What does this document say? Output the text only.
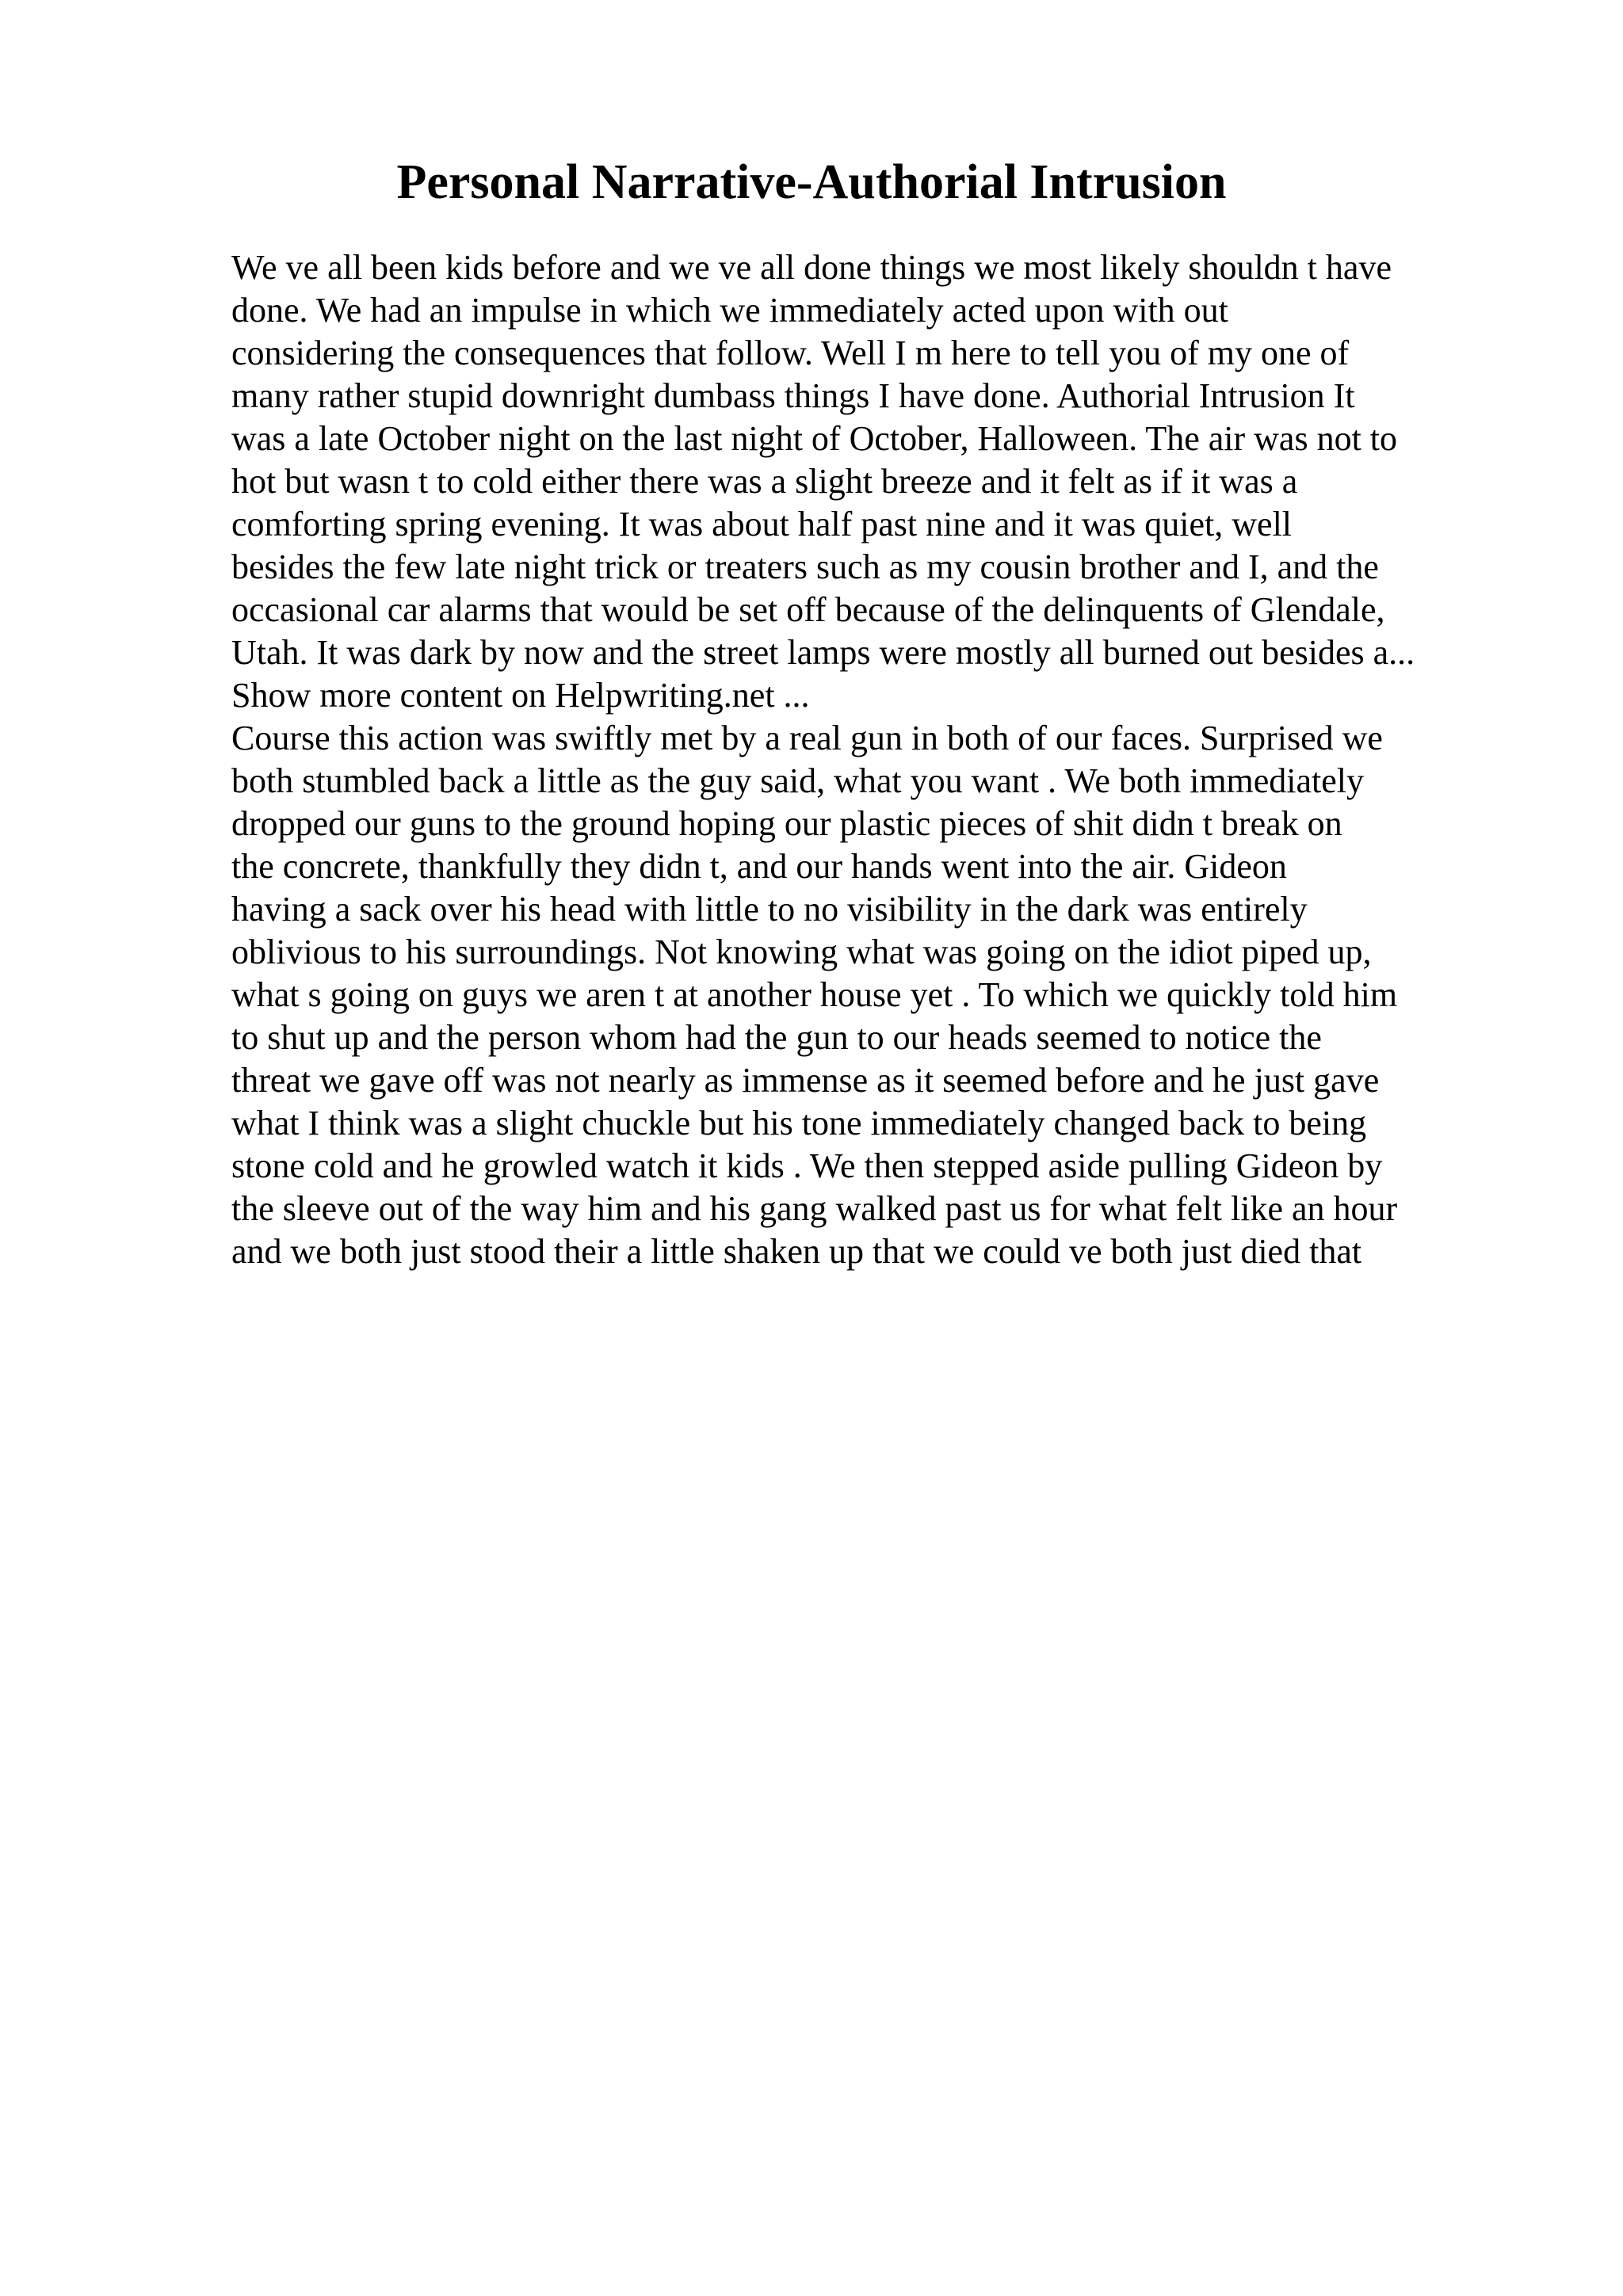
Personal Narrative-Authorial Intrusion
We ve all been kids before and we ve all done things we most likely shouldn t have
done. We had an impulse in which we immediately acted upon with out
considering the consequences that follow. Well I m here to tell you of my one of
many rather stupid downright dumbass things I have done. Authorial Intrusion It
was a late October night on the last night of October, Halloween. The air was not to
hot but wasn t to cold either there was a slight breeze and it felt as if it was a
comforting spring evening. It was about half past nine and it was quiet, well
besides the few late night trick or treaters such as my cousin brother and I, and the
occasional car alarms that would be set off because of the delinquents of Glendale,
Utah. It was dark by now and the street lamps were mostly all burned out besides a...
Show more content on Helpwriting.net ...
Course this action was swiftly met by a real gun in both of our faces. Surprised we
both stumbled back a little as the guy said, what you want . We both immediately
dropped our guns to the ground hoping our plastic pieces of shit didn t break on
the concrete, thankfully they didn t, and our hands went into the air. Gideon
having a sack over his head with little to no visibility in the dark was entirely
oblivious to his surroundings. Not knowing what was going on the idiot piped up,
what s going on guys we aren t at another house yet . To which we quickly told him
to shut up and the person whom had the gun to our heads seemed to notice the
threat we gave off was not nearly as immense as it seemed before and he just gave
what I think was a slight chuckle but his tone immediately changed back to being
stone cold and he growled watch it kids . We then stepped aside pulling Gideon by
the sleeve out of the way him and his gang walked past us for what felt like an hour
and we both just stood their a little shaken up that we could ve both just died that
